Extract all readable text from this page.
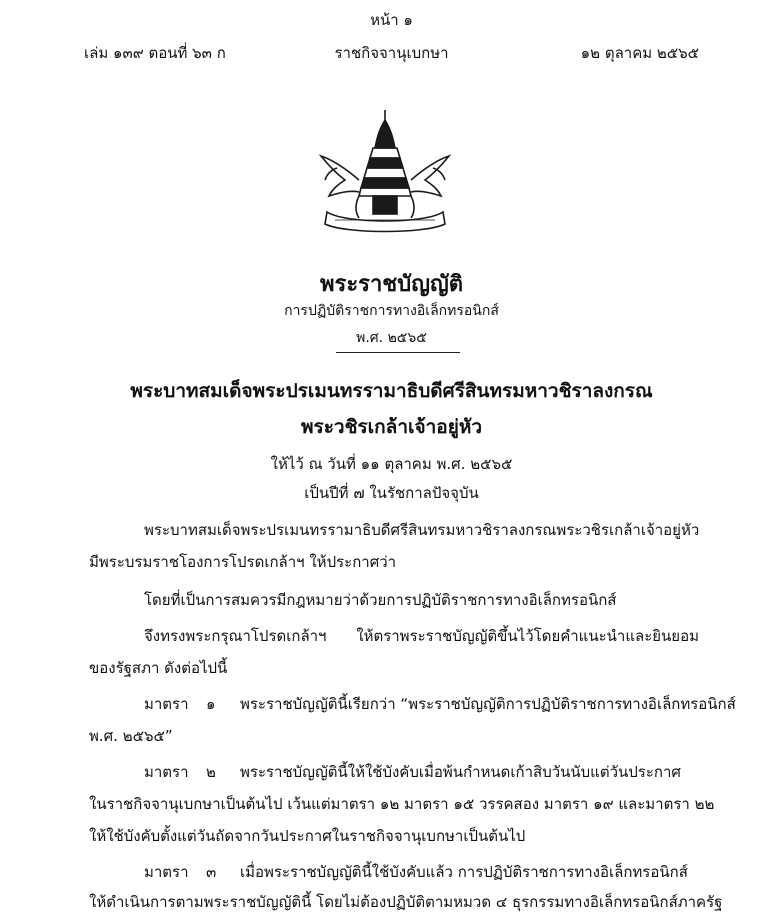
หน้า ๑
เล่ม ๑๓๙ ตอนที่ ๖๓ ก	ราชกิจจานุเบกษา	๑๒ ตุลาคม ๒๕๖๕
พระราชบัญญัติ
การปฏิบัติราชการทางอิเล็กทรอนิกส์
พ.ศ. ๒๕๖๕
พระบาทสมเด็จพระปรเมนทรรามาธิบดีศรีสินทรมหาวชิราลงกรณ
พระวชิรเกล้าเจ้าอยู่หัว
ให้ไว้ ณ วันที่ ๑๑ ตุลาคม พ.ศ. ๒๕๖๕
เป็นปีที่ ๗ ในรัชกาลปัจจุบัน
พระบาทสมเด็จพระปรเมนทรรามาธิบดีศรีสินทรมหาวชิราลงกรณ พระวชิรเกล้าเจ้าอยู่หัว
มีพระบรมราชโองการโปรดเกล้าฯ ให้ประกาศว่า
โดยที่เป็นการสมควรมีกฎหมายว่าด้วยการปฏิบัติราชการทางอิเล็กทรอนิกส์
จึงทรงพระกรุณาโปรดเกล้าฯ ให้ตราพระราชบัญญัติขึ้นไว้โดยคำแนะนำและยินยอม
ของรัฐสภา ดังต่อไปนี้
มาตรา ๑ พระราชบัญญัตินี้เรียกว่า “พระราชบัญญัติการปฏิบัติราชการทางอิเล็กทรอนิกส์
พ.ศ. ๒๕๖๕”
มาตรา ๒ พระราชบัญญัตินี้ให้ใช้บังคับเมื่อพ้นกำหนดเก้าสิบวันนับแต่วันประกาศ
ในราชกิจจานุเบกษาเป็นต้นไป เว้นแต่มาตรา ๑๒ มาตรา ๑๕ วรรคสอง มาตรา ๑๙ และมาตรา ๒๒
ให้ใช้บังคับตั้งแต่วันถัดจากวันประกาศในราชกิจจานุเบกษาเป็นต้นไป
มาตรา ๓ เมื่อพระราชบัญญัตินี้ใช้บังคับแล้ว การปฏิบัติราชการทางอิเล็กทรอนิกส์
ให้ดำเนินการตามพระราชบัญญัตินี้ โดยไม่ต้องปฏิบัติตามหมวด ๔ ธุรกรรมทางอิเล็กทรอนิกส์ภาครัฐ
